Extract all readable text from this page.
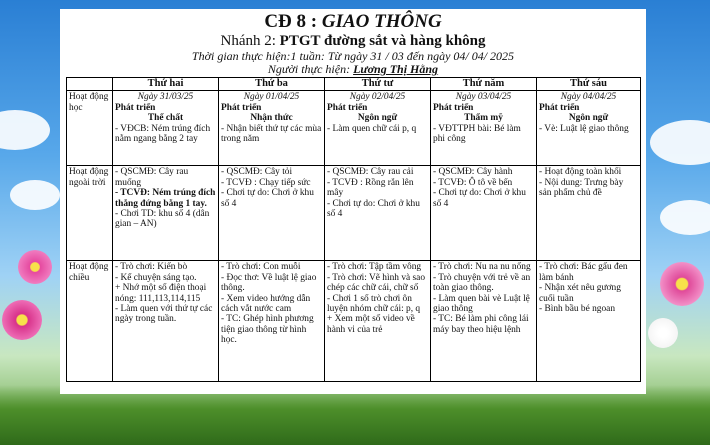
CĐ 8 : GIAO THÔNG
Nhánh 2: PTGT đường sắt và hàng không
Thời gian thực hiện:1 tuần: Từ ngày 31 / 03 đến ngày 04/ 04/ 2025
Người thực hiện: Lương Thị Hằng
	Thứ hai	Thứ ba	Thứ tư	Thứ năm	Thứ sáu
Hoạt động học	Ngày 31/03/25
Phát triển
Thể chất
- VĐCB: Ném trúng đích nằm ngang bằng 2 tay	Ngày 01/04/25
Phát triển
Nhận thức
- Nhận biết thứ tự các mùa trong năm	Ngày 02/04/25
Phát triển
Ngôn ngữ
- Làm quen chữ cái p, q	Ngày 03/04/25
Phát triển
Thẩm mỹ
- VĐTTPH bài: Bé làm phi công	Ngày 04/04/25
Phát triển
Ngôn ngữ
- Vè: Luật lệ giao thông

Hoạt động ngoài trời	- QSCMĐ: Cây rau muống
- TCVĐ: Ném trúng đích thẳng đứng bằng 1 tay.
- Chơi TD: khu số 4 (dân gian – AN)	- QSCMĐ: Cây tỏi
- TCVĐ : Chạy tiếp sức
- Chơi tự do: Chơi ở khu số 4	- QSCMĐ: Cây rau cải
- TCVĐ : Rồng rắn lên mây
- Chơi tự do: Chơi ở khu số 4	- QSCMĐ: Cây hành
- TCVĐ: Ô tô về bến
- Chơi tự do: Chơi ở khu số 4	- Hoạt động toàn khối
- Nội dung: Trưng bày sản phẩm chủ đề

Hoạt động chiều	- Trò chơi: Kiến bò
- Kể chuyện sáng tạo.
+ Nhớ một số điện thoại nóng: 111,113,114,115
- Làm quen với thứ tự các ngày trong tuần.	- Trò chơi: Con muỗi
- Đọc thơ: Về luật lệ giao thông.
- Xem video hướng dẫn cách vắt nước cam
- TC: Ghép hình phương tiện giao thông từ hình học.	- Trò chơi: Tập tầm vông
- Trò chơi: Vẽ hình và sao chép các chữ cái, chữ số
- Chơi 1 số trò chơi ôn luyện nhóm chữ cái: p, q
+ Xem một số video về hành vi của trẻ	- Trò chơi: Nu na nu nống
- Trò chuyện với trẻ về an toàn giao thông.
- Làm quen bài vè Luật lệ giao thông
- TC: Bé làm phi công lái máy bay theo hiệu lệnh	- Trò chơi: Bác gấu đen làm bánh
- Nhận xét nêu gương cuối tuần
- Bình bầu bé ngoan
